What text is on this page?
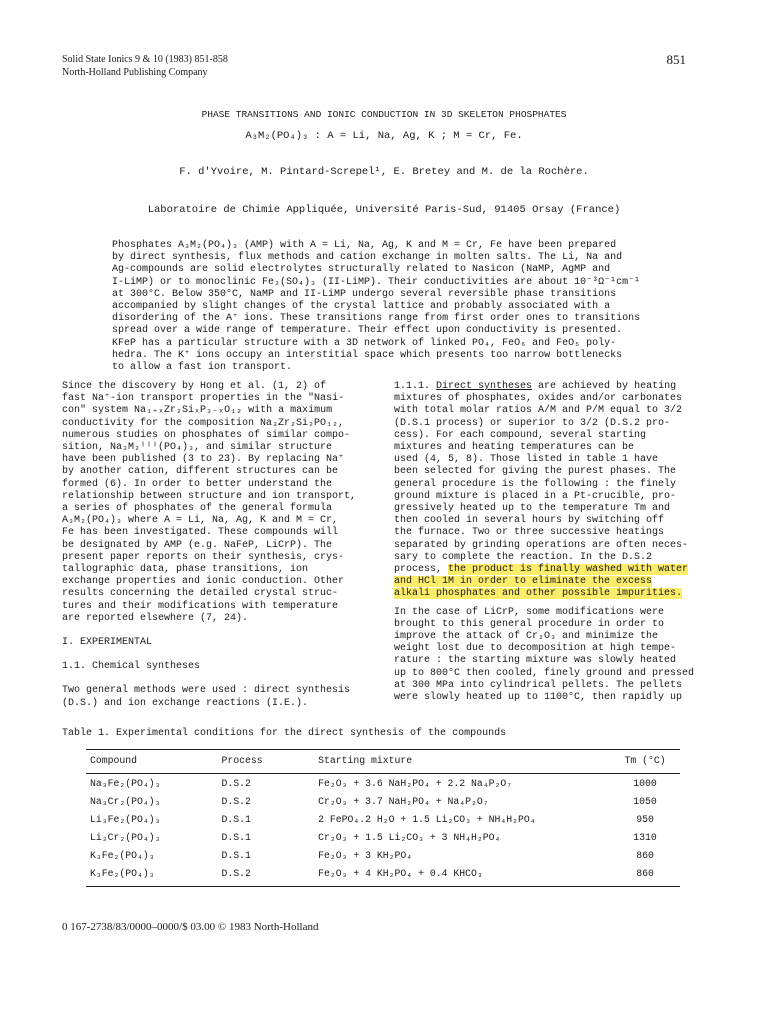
Solid State Ionics 9 & 10 (1983) 851-858
North-Holland Publishing Company
851
PHASE TRANSITIONS AND IONIC CONDUCTION IN 3D SKELETON PHOSPHATES
A₃M₂(PO₄)₃ : A = Li, Na, Ag, K ; M = Cr, Fe.
F. d'Yvoire, M. Pintard-Screpel¹, E. Bretey and M. de la Rochère.
Laboratoire de Chimie Appliquée, Université Paris-Sud, 91405 Orsay (France)
Phosphates A₃M₂(PO₄)₃ (AMP) with A = Li, Na, Ag, K and M = Cr, Fe have been prepared
by direct synthesis, flux methods and cation exchange in molten salts. The Li, Na and
Ag-compounds are solid electrolytes structurally related to Nasicon (NaMP, AgMP and
I-LiMP) or to monoclinic Fe₂(SO₄)₃ (II-LiMP). Their conductivities are about 10⁻³Ω⁻¹cm⁻¹
at 300°C. Below 350°C, NaMP and II-LiMP undergo several reversible phase transitions
accompanied by slight changes of the crystal lattice and probably associated with a
disordering of the A⁺ ions. These transitions range from first order ones to transitions
spread over a wide range of temperature. Their effect upon conductivity is presented.
KFeP has a particular structure with a 3D network of linked PO₄, FeO₆ and FeO₅ poly-
hedra. The K⁺ ions occupy an interstitial space which presents too narrow bottlenecks
to allow a fast ion transport.
Since the discovery by Hong et al. (1, 2) of
fast Na⁺-ion transport properties in the "Nasi-
con" system Na₁₊ₓZr₂SiₓP₃₋ₓO₁₂ with a maximum
conductivity for the composition Na₃Zr₂Si₂PO₁₂,
numerous studies on phosphates of similar compo-
sition, Na₃M₂ᴵᴵᴵ(PO₄)₃, and similar structure
have been published (3 to 23). By replacing Na⁺
by another cation, different structures can be
formed (6). In order to better understand the
relationship between structure and ion transport,
a series of phosphates of the general formula
A₃M₂(PO₄)₃ where A = Li, Na, Ag, K and M = Cr,
Fe has been investigated. These compounds will
be designated by AMP (e.g. NaFeP, LiCrP). The
present paper reports on their synthesis, crys-
tallographic data, phase transitions, ion
exchange properties and ionic conduction. Other
results concerning the detailed crystal struc-
tures and their modifications with temperature
are reported elsewhere (7, 24).
I. EXPERIMENTAL
1.1. Chemical syntheses
Two general methods were used : direct synthesis
(D.S.) and ion exchange reactions (I.E.).
1.1.1. Direct syntheses are achieved by heating
mixtures of phosphates, oxides and/or carbonates
with total molar ratios A/M and P/M equal to 3/2
(D.S.1 process) or superior to 3/2 (D.S.2 pro-
cess). For each compound, several starting
mixtures and heating temperatures can be
used (4, 5, 8). Those listed in table 1 have
been selected for giving the purest phases. The
general procedure is the following : the finely
ground mixture is placed in a Pt-crucible, pro-
gressively heated up to the temperature Tm and
then cooled in several hours by switching off
the furnace. Two or three successive heatings
separated by grinding operations are often neces-
sary to complete the reaction. In the D.S.2
process, the product is finally washed with water
and HCl 1M in order to eliminate the excess
alkali phosphates and other possible impurities.
In the case of LiCrP, some modifications were
brought to this general procedure in order to
improve the attack of Cr₂O₃ and minimize the
weight lost due to decomposition at high tempe-
rature : the starting mixture was slowly heated
up to 800°C then cooled, finely ground and pressed
at 300 MPa into cylindrical pellets. The pellets
were slowly heated up to 1100°C, then rapidly up
Table 1. Experimental conditions for the direct synthesis of the compounds
Compound	Process	Starting mixture	Tm (°C)
Na₃Fe₂(PO₄)₃	D.S.2	Fe₂O₃ + 3.6 NaH₂PO₄ + 2.2 Na₄P₂O₇	1000
Na₃Cr₂(PO₄)₃	D.S.2	Cr₂O₃ + 3.7 NaH₂PO₄ + Na₄P₂O₇	1050
Li₃Fe₂(PO₄)₃	D.S.1	2 FePO₄.2 H₂O + 1.5 Li₂CO₃ + NH₄H₂PO₄	950
Li₃Cr₂(PO₄)₃	D.S.1	Cr₂O₃ + 1.5 Li₂CO₃ + 3 NH₄H₂PO₄	1310
K₃Fe₂(PO₄)₃	D.S.1	Fe₂O₃ + 3 KH₂PO₄	860
K₃Fe₂(PO₄)₃	D.S.2	Fe₂O₃ + 4 KH₂PO₄ + 0.4 KHCO₃	860
0 167-2738/83/0000–0000/$ 03.00 © 1983 North-Holland
